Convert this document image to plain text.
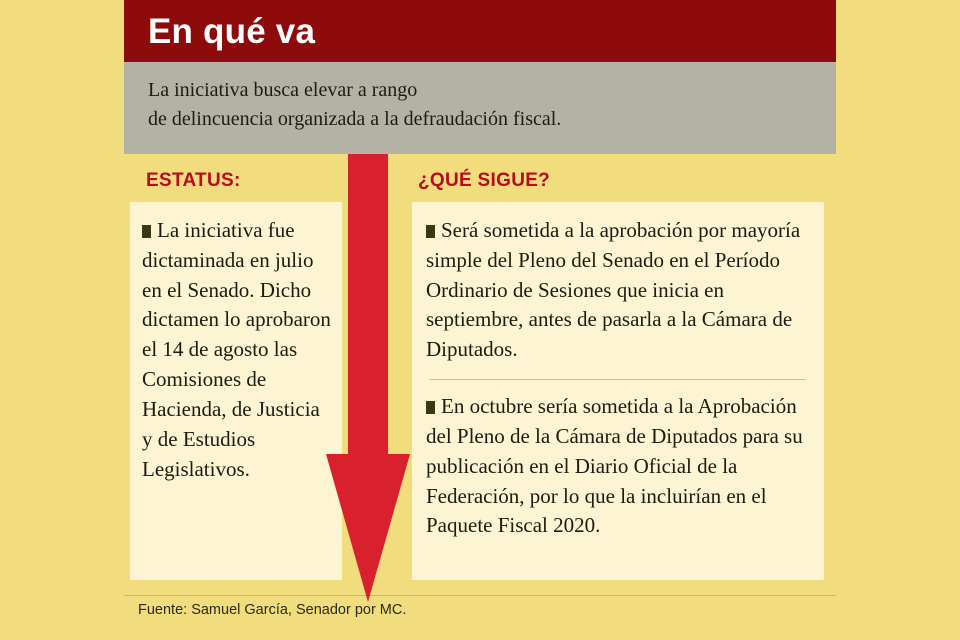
En qué va
La iniciativa busca elevar a rango
de delincuencia organizada a la defraudación fiscal.
ESTATUS:
La iniciativa fue dictaminada en julio en el Senado. Dicho dictamen lo aprobaron el 14 de agosto las Comisiones de Hacienda, de Justicia y de Estudios Legislativos.
¿QUÉ SIGUE?
Será sometida a la aprobación por mayoría simple del Pleno del Senado en el Período Ordinario de Sesiones que inicia en septiembre, antes de pasarla a la Cámara de Diputados.
En octubre sería sometida a la Aprobación del Pleno de la Cámara de Diputados para su publicación en el Diario Oficial de la Federación, por lo que la incluirían en el Paquete Fiscal 2020.
Fuente: Samuel García, Senador por MC.
